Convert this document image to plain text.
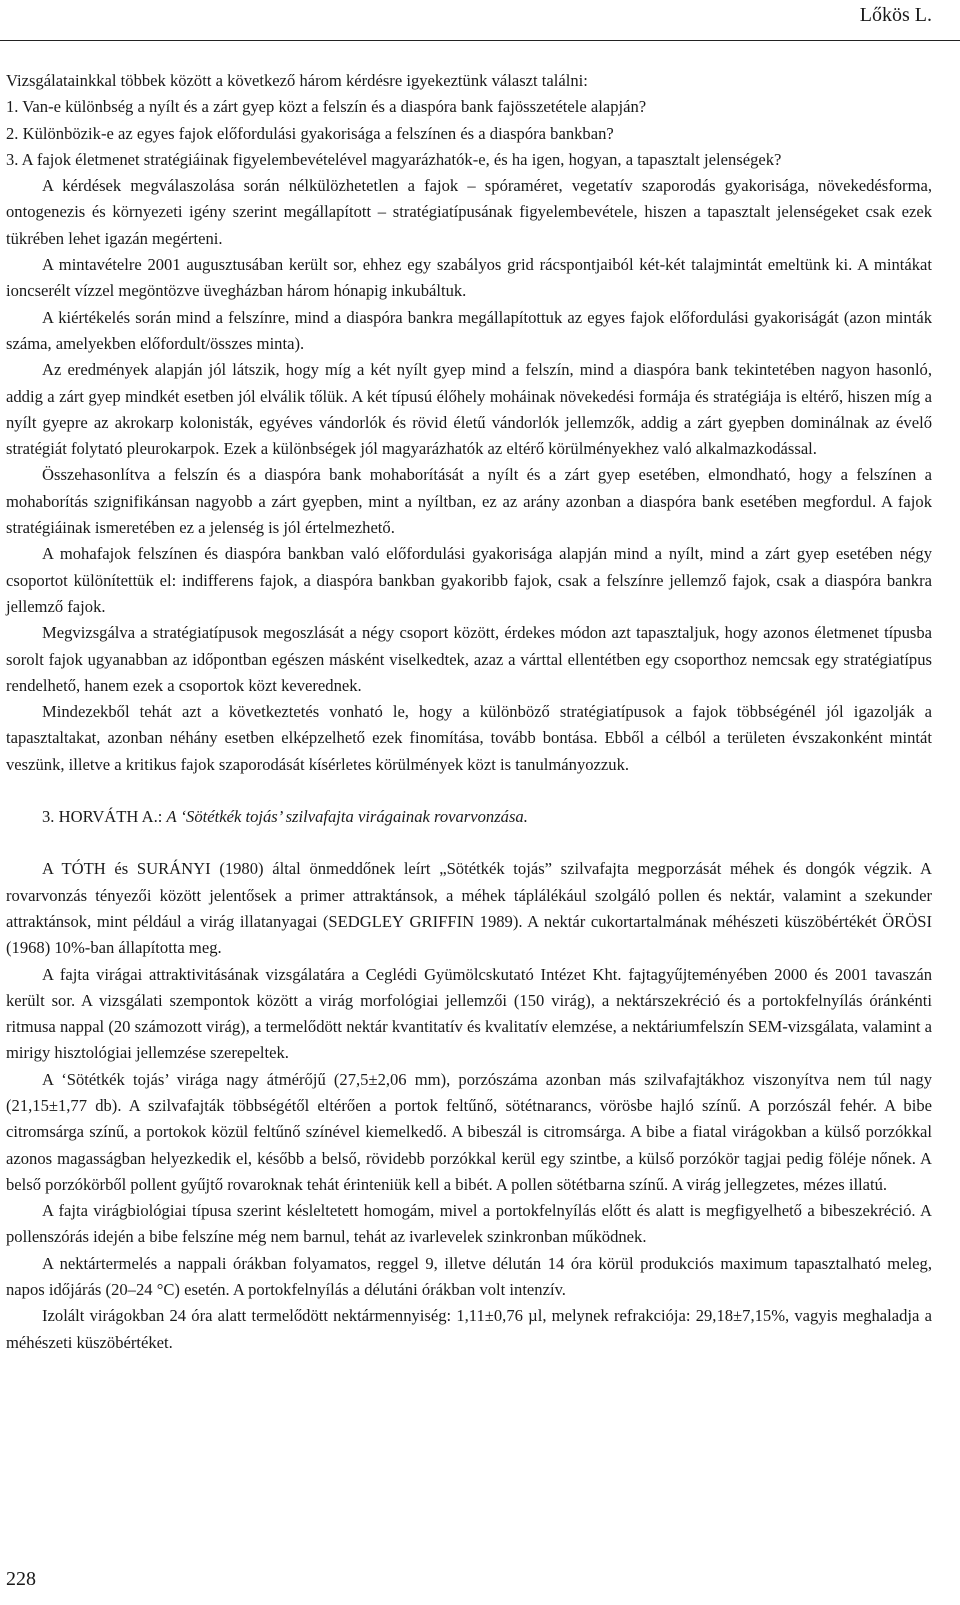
Lőkös L.

Vizsgálatainkkal többek között a következő három kérdésre igyekeztünk választ találni:

1. Van-e különbség a nyílt és a zárt gyep közt a felszín és a diaspóra bank fajösszetétele alapján?

2. Különbözik-e az egyes fajok előfordulási gyakorisága a felszínen és a diaspóra bankban?

3. A fajok életmenet stratégiáinak figyelembevételével magyarázhatók-e, és ha igen, hogyan, a tapasztalt jelenségek?

A kérdések megválaszolása során nélkülözhetetlen a fajok – spóraméret, vegetatív szaporodás gyakorisága, növekedésforma, ontogenezis és környezeti igény szerint megállapított – stratégiatípusának figyelembevétele, hiszen a tapasztalt jelenségeket csak ezek tükrében lehet igazán megérteni.

A mintavételre 2001 augusztusában került sor, ehhez egy szabályos grid rácspontjaiból két-két talajmintát emeltünk ki. A mintákat ioncserélt vízzel megöntözve üvegházban három hónapig inkubáltuk.

A kiértékelés során mind a felszínre, mind a diaspóra bankra megállapítottuk az egyes fajok előfordulási gyakoriságát (azon minták száma, amelyekben előfordult/összes minta).

Az eredmények alapján jól látszik, hogy míg a két nyílt gyep mind a felszín, mind a diaspóra bank tekintetében nagyon hasonló, addig a zárt gyep mindkét esetben jól elválik tőlük. A két típusú élőhely moháinak növekedési formája és stratégiája is eltérő, hiszen míg a nyílt gyepre az akrokarp kolonisták, egyéves vándorlók és rövid életű vándorlók jellemzők, addig a zárt gyepben dominálnak az évelő stratégiát folytató pleurokarpok. Ezek a különbségek jól magyarázhatók az eltérő körülményekhez való alkalmazkodással.

Összehasonlítva a felszín és a diaspóra bank mohaborítását a nyílt és a zárt gyep esetében, elmondható, hogy a felszínen a mohaborítás szignifikánsan nagyobb a zárt gyepben, mint a nyíltban, ez az arány azonban a diaspóra bank esetében megfordul. A fajok stratégiáinak ismeretében ez a jelenség is jól értelmezhető.

A mohafajok felszínen és diaspóra bankban való előfordulási gyakorisága alapján mind a nyílt, mind a zárt gyep esetében négy csoportot különítettük el: indifferens fajok, a diaspóra bankban gyakoribb fajok, csak a felszínre jellemző fajok, csak a diaspóra bankra jellemző fajok.

Megvizsgálva a stratégiatípusok megoszlását a négy csoport között, érdekes módon azt tapasztaljuk, hogy azonos életmenet típusba sorolt fajok ugyanabban az időpontban egészen másként viselkedtek, azaz a várttal ellentétben egy csoporthoz nemcsak egy stratégiatípus rendelhető, hanem ezek a csoportok közt keverednek.

Mindezekből tehát azt a következtetés vonható le, hogy a különböző stratégiatípusok a fajok többségénél jól igazolják a tapasztaltakat, azonban néhány esetben elképzelhető ezek finomítása, tovább bontása. Ebből a célból a területen évszakonként mintát veszünk, illetve a kritikus fajok szaporodását kísérletes körülmények közt is tanulmányozzuk.

3. HORVÁTH A.: A ‘Sötétkék tojás’ szilvafajta virágainak rovarvonzása.

A TÓTH és SURÁNYI (1980) által önmeddőnek leírt „Sötétkék tojás” szilvafajta megporzását méhek és dongók végzik. A rovarvonzás tényezői között jelentősek a primer attraktánsok, a méhek táplálékául szolgáló pollen és nektár, valamint a szekunder attraktánsok, mint például a virág illatanyagai (SEDGLEY GRIFFIN 1989). A nektár cukortartalmának méhészeti küszöbértékét ÖRÖSI (1968) 10%-ban állapította meg.

A fajta virágai attraktivitásának vizsgálatára a Ceglédi Gyümölcskutató Intézet Kht. fajtagyűjteményében 2000 és 2001 tavaszán került sor. A vizsgálati szempontok között a virág morfológiai jellemzői (150 virág), a nektárszekréció és a portokfelnyílás óránkénti ritmusa nappal (20 számozott virág), a termelődött nektár kvantitatív és kvalitatív elemzése, a nektáriumfelszín SEM-vizsgálata, valamint a mirigy hisztológiai jellemzése szerepeltek.

A ‘Sötétkék tojás’ virága nagy átmérőjű (27,5±2,06 mm), porzószáma azonban más szilvafajtákhoz viszonyítva nem túl nagy (21,15±1,77 db). A szilvafajták többségétől eltérően a portok feltűnő, sötétnarancs, vörösbe hajló színű. A porzószál fehér. A bibe citromsárga színű, a portokok közül feltűnő színével kiemelkedő. A bibeszál is citromsárga. A bibe a fiatal virágokban a külső porzókkal azonos magasságban helyezkedik el, később a belső, rövidebb porzókkal kerül egy szintbe, a külső porzókör tagjai pedig föléje nőnek. A belső porzókörből pollent gyűjtő rovaroknak tehát érinteniük kell a bibét. A pollen sötétbarna színű. A virág jellegzetes, mézes illatú.

A fajta virágbiológiai típusa szerint késleltetett homogám, mivel a portokfelnyílás előtt és alatt is megfigyelhető a bibeszekréció. A pollenszórás idején a bibe felszíne még nem barnul, tehát az ivarlevelek szinkronban működnek.

A nektártermelés a nappali órákban folyamatos, reggel 9, illetve délután 14 óra körül produkciós maximum tapasztalható meleg, napos időjárás (20–24 °C) esetén. A portokfelnyílás a délutáni órákban volt intenzív.

Izolált virágokban 24 óra alatt termelődött nektármennyiség: 1,11±0,76 µl, melynek refrakciója: 29,18±7,15%, vagyis meghaladja a méhészeti küszöbértéket.

228
